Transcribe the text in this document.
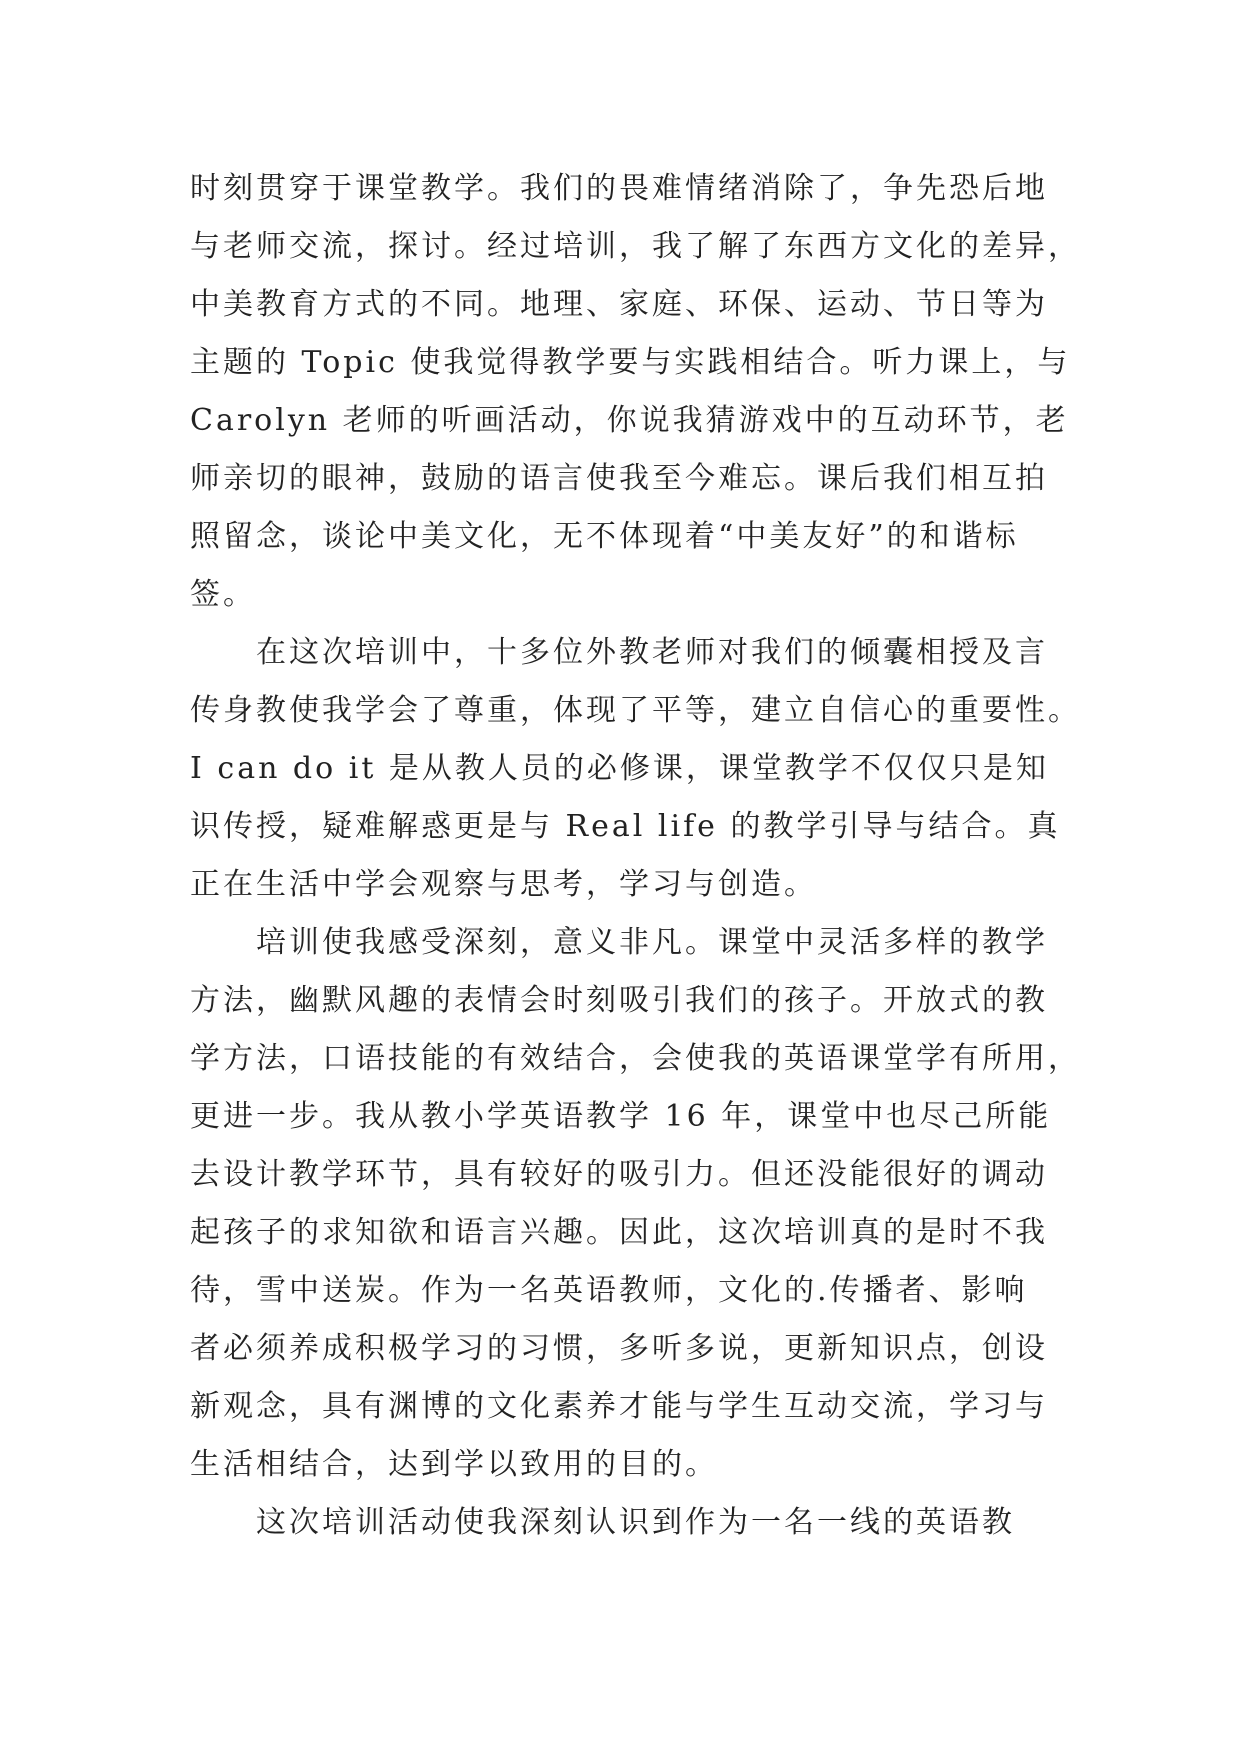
时刻贯穿于课堂教学。我们的畏难情绪消除了，争先恐后地
与老师交流，探讨。经过培训，我了解了东西方文化的差异，
中美教育方式的不同。地理、家庭、环保、运动、节日等为
主题的 Topic 使我觉得教学要与实践相结合。听力课上，与
Carolyn 老师的听画活动，你说我猜游戏中的互动环节，老
师亲切的眼神，鼓励的语言使我至今难忘。课后我们相互拍
照留念，谈论中美文化，无不体现着“中美友好”的和谐标
签。
在这次培训中，十多位外教老师对我们的倾囊相授及言
传身教使我学会了尊重，体现了平等，建立自信心的重要性。
I can do it 是从教人员的必修课，课堂教学不仅仅只是知
识传授，疑难解惑更是与 Real life 的教学引导与结合。真
正在生活中学会观察与思考，学习与创造。
培训使我感受深刻，意义非凡。课堂中灵活多样的教学
方法，幽默风趣的表情会时刻吸引我们的孩子。开放式的教
学方法，口语技能的有效结合，会使我的英语课堂学有所用，
更进一步。我从教小学英语教学 16 年，课堂中也尽己所能
去设计教学环节，具有较好的吸引力。但还没能很好的调动
起孩子的求知欲和语言兴趣。因此，这次培训真的是时不我
待，雪中送炭。作为一名英语教师，文化的.传播者、影响
者必须养成积极学习的习惯，多听多说，更新知识点，创设
新观念，具有渊博的文化素养才能与学生互动交流，学习与
生活相结合，达到学以致用的目的。
这次培训活动使我深刻认识到作为一名一线的英语教
